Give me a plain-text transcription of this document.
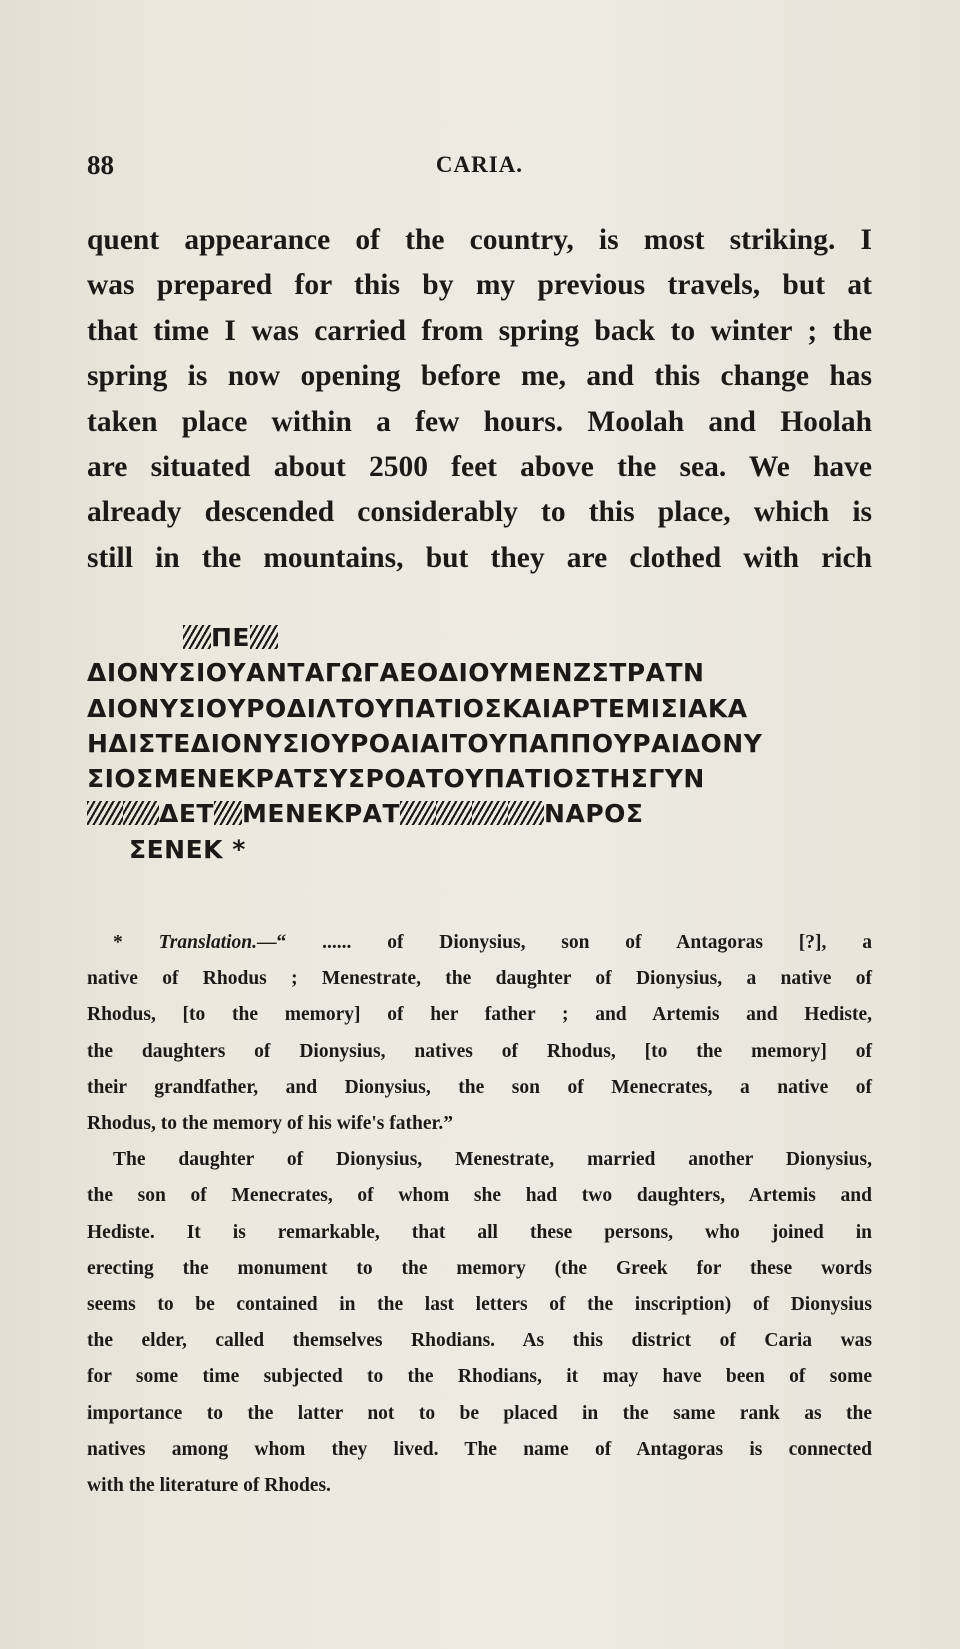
88	CARIA.
quent appearance of the country, is most striking. I
was prepared for this by my previous travels, but at
that time I was carried from spring back to winter ; the
spring is now opening before me, and this change has
taken place within a few hours. Moolah and Hoolah
are situated about 2500 feet above the sea. We have
already descended considerably to this place, which is
still in the mountains, but they are clothed with rich
ΠΕ
ΔΙΟΝΥΣΙΟΥΑΝΤΑΓΩΓΑΕΟΔΙΟΥΜΕΝΖΣΤΡΑΤΝ
ΔΙΟΝΥΣΙΟΥΡΟΔΙΛΤΟΥΠΑΤΙΟΣΚΑΙΑΡΤΕΜΙΣΙΑΚΑ
ΗΔΙΣΤΕΔΙΟΝΥΣΙΟΥΡΟΑΙΑΙΤΟΥΠΑΠΠΟΥΡΑΙΔΟΝΥ
ΣΙΟΣΜΕΝΕΚΡΑΤΣΥΣΡΟΑΤΟΥΠΑΤΙΟΣΤΗΣΓΥΝ
ΔΕΤ ΜΕΝΕΚΡΑΤ	ΝΑΡΟΣ
ΣΕΝΕΚ *
* Translation.—“ ...... of Dionysius, son of Antagoras [?], a
native of Rhodus ; Menestrate, the daughter of Dionysius, a native of
Rhodus, [to the memory] of her father ; and Artemis and Hediste,
the daughters of Dionysius, natives of Rhodus, [to the memory] of
their grandfather, and Dionysius, the son of Menecrates, a native of
Rhodus, to the memory of his wife's father.”
The daughter of Dionysius, Menestrate, married another Dionysius,
the son of Menecrates, of whom she had two daughters, Artemis and
Hediste. It is remarkable, that all these persons, who joined in
erecting the monument to the memory (the Greek for these words
seems to be contained in the last letters of the inscription) of Dionysius
the elder, called themselves Rhodians. As this district of Caria was
for some time subjected to the Rhodians, it may have been of some
importance to the latter not to be placed in the same rank as the
natives among whom they lived. The name of Antagoras is connected
with the literature of Rhodes.
